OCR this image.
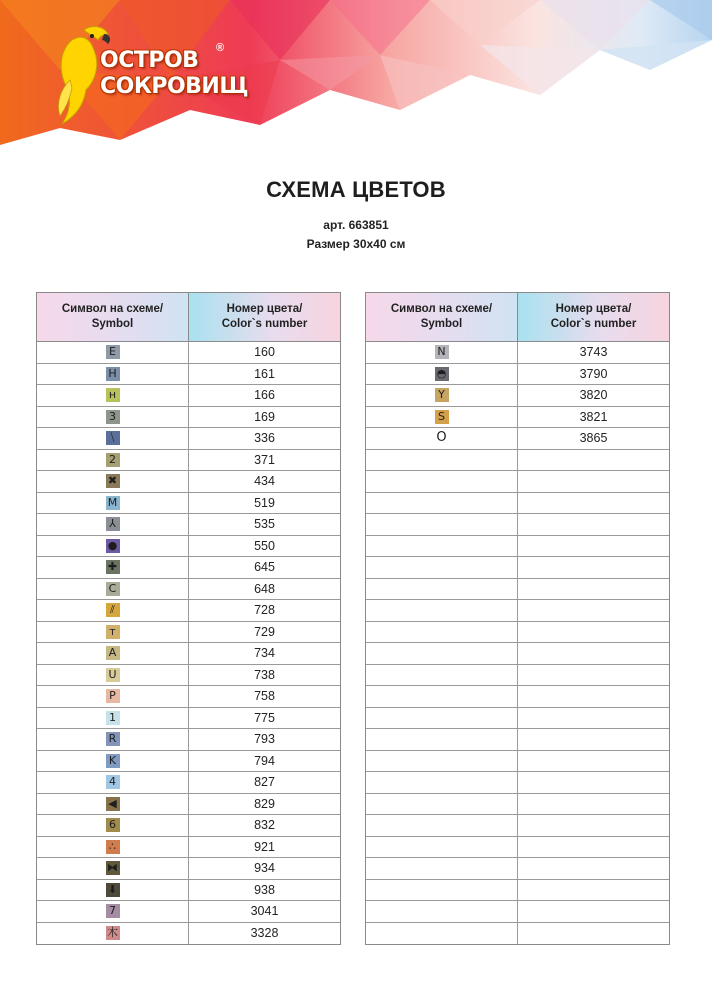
ОСТРОВ
СОКРОВИЩ
®
СХЕМА ЦВЕТОВ
арт. 663851
Размер 30х40 см
Символ на схеме/
Symbol
Номер цвета/
Color`s number
E	160
H	161
н	166
3	169
⧹	336
2	371
✖	434
M	519
⅄	535
●	550
✚	645
C	648
⫽	728
т	729
A	734
U	738
P	758
1	775
R	793
K	794
4	827
◀	829
6	832
∴	921
⧓	934
⬇	938
7	3041
木	3328
Символ на схеме/
Symbol
Номер цвета/
Color`s number
N	3743
◓	3790
Y	3820
S	3821
O	3865
